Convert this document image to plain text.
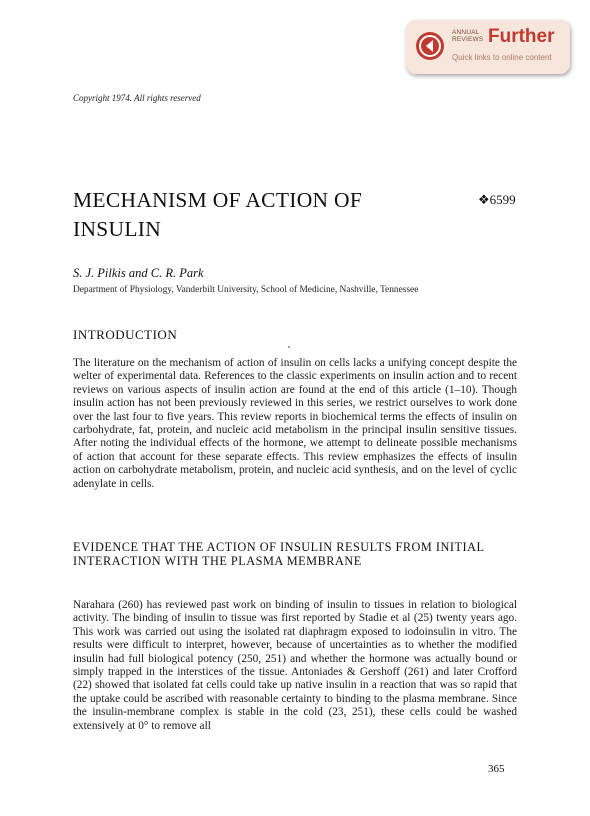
ANNUAL
REVIEWS Further
Quick links to online content
Copyright 1974. All rights reserved
MECHANISM OF ACTION OF INSULIN
❖6599
S. J. Pilkis and C. R. Park
Department of Physiology, Vanderbilt University, School of Medicine, Nashville, Tennessee
INTRODUCTION
The literature on the mechanism of action of insulin on cells lacks a unifying concept despite the welter of experimental data. References to the classic experiments on insulin action and to recent reviews on various aspects of insulin action are found at the end of this article (1–10). Though insulin action has not been previously reviewed in this series, we restrict ourselves to work done over the last four to five years. This review reports in biochemical terms the effects of insulin on carbohydrate, fat, protein, and nucleic acid metabolism in the principal insulin sensitive tissues. After noting the individual effects of the hormone, we attempt to delineate possible mechanisms of action that account for these separate effects. This review emphasizes the effects of insulin action on carbohydrate metabolism, protein, and nucleic acid synthesis, and on the level of cyclic adenylate in cells.
EVIDENCE THAT THE ACTION OF INSULIN RESULTS FROM INITIAL INTERACTION WITH THE PLASMA MEMBRANE
Narahara (260) has reviewed past work on binding of insulin to tissues in relation to biological activity. The binding of insulin to tissue was first reported by Stadie et al (25) twenty years ago. This work was carried out using the isolated rat diaphragm exposed to iodoinsulin in vitro. The results were difficult to interpret, however, because of uncertainties as to whether the modified insulin had full biological potency (250, 251) and whether the hormone was actually bound or simply trapped in the interstices of the tissue. Antoniades & Gershoff (261) and later Crofford (22) showed that isolated fat cells could take up native insulin in a reaction that was so rapid that the uptake could be ascribed with reasonable certainty to binding to the plasma membrane. Since the insulin-membrane complex is stable in the cold (23, 251), these cells could be washed extensively at 0° to remove all
365
